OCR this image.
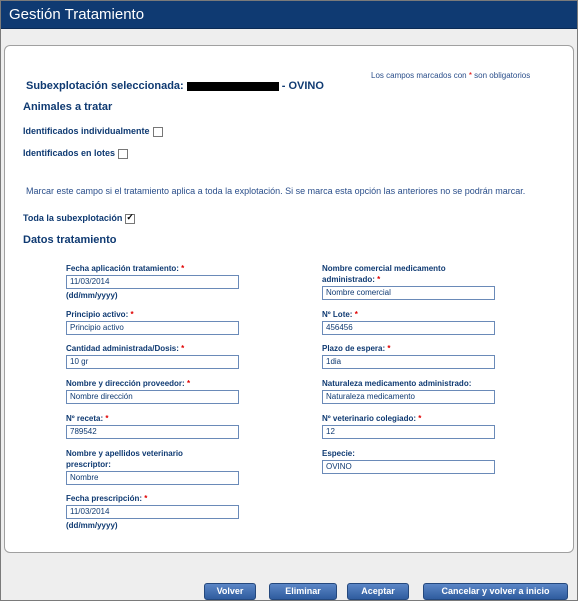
Gestión Tratamiento
Los campos marcados con * son obligatorios
Subexplotación seleccionada:	- OVINO
Animales a tratar
Identificados individualmente
Identificados en lotes
Marcar este campo si el tratamiento aplica a toda la explotación. Si se marca esta opción las anteriores no se podrán marcar.
Toda la subexplotación✓
Datos tratamiento
Fecha aplicación tratamiento: *
11/03/2014
(dd/mm/yyyy)
Principio activo: *
Principio activo
Cantidad administrada/Dosis: *
10 gr
Nombre y dirección proveedor: *
Nombre dirección
Nº receta: *
789542
Nombre y apellidos veterinario
prescriptor:
Nombre
Fecha prescripción: *
11/03/2014
(dd/mm/yyyy)
Nombre comercial medicamento
administrado: *
Nombre comercial
Nº Lote: *
456456
Plazo de espera: *
1dia
Naturaleza medicamento administrado:
Naturaleza medicamento
Nº veterinario colegiado: *
12
Especie:
OVINO
Volver	Eliminar	Aceptar	Cancelar y volver a inicio
